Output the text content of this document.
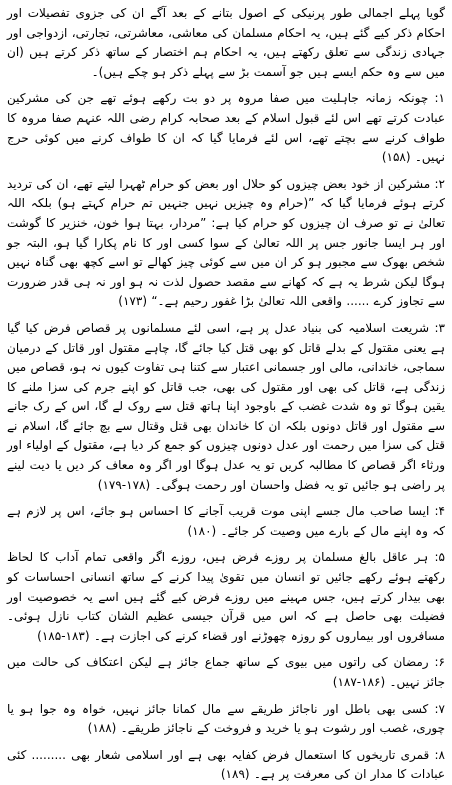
گویا پہلے اجمالی طور پرنیکی کے اصول بتانے کے بعد آگے ان کی جزوی تفصیلات اور احکام ذکر کیے گئے ہیں، یہ احکام مسلمان کی معاشی، معاشرتی، تجارتی، ازدواجی اور جہادی زندگی سے تعلق رکھتے ہیں، یہ احکام ہم اختصار کے ساتھ ذکر کرتے ہیں (ان میں سے وہ حکم ایسے ہیں جو آسمت بڑ سے پہلے ذکر ہو چکے ہیں)۔

۱: چونکہ زمانہ جاہلیت میں صفا مروہ پر دو بت رکھے ہوئے تھے جن کی مشرکین عبادت کرتے تھے اس لئے قبول اسلام کے بعد صحابہ کرام رضی اللہ عنہم صفا مروہ کا طواف کرنے سے بچتے تھے، اس لئے فرمایا گیا کہ ان کا طواف کرنے میں کوئی حرج نہیں۔ (۱۵۸)

۲: مشرکین از خود بعض چیزوں کو حلال اور بعض کو حرام ٹھہرا لیتے تھے، ان کی تردید کرتے ہوئے فرمایا گیا کہ ”(حرام وہ چیزیں نہیں جنہیں تم حرام کہتے ہو) بلکہ اللہ تعالیٰ نے تو صرف ان چیزوں کو حرام کیا ہے: ”مردار، بہتا ہوا خون، خنزیر کا گوشت اور ہر ایسا جانور جس پر اللہ تعالیٰ کے سوا کسی اور کا نام پکارا گیا ہو، البتہ جو شخص بھوک سے مجبور ہو کر ان میں سے کوئی چیز کھالے تو اسے کچھ بھی گناہ نہیں ہوگا لیکن شرط یہ ہے کہ کھانے سے مقصد حصول لذت نہ ہو اور نہ ہی قدر ضرورت سے تجاوز کرے ...... واقعی اللہ تعالیٰ بڑا غفور رحیم ہے۔“ (۱۷۳)

۳: شریعت اسلامیہ کی بنیاد عدل پر ہے، اسی لئے مسلمانوں پر قصاص فرض کیا گیا ہے یعنی مقتول کے بدلے قاتل کو بھی قتل کیا جائے گا، چاہے مقتول اور قاتل کے درمیان سماجی، خاندانی، مالی اور جسمانی اعتبار سے کتنا ہی تفاوت کیوں نہ ہو، قصاص میں زندگی ہے، قاتل کی بھی اور مقتول کی بھی، جب قاتل کو اپنے جرم کی سزا ملنے کا یقین ہوگا تو وہ شدت غضب کے باوجود اپنا ہاتھ قتل سے روک لے گا، اس کے رک جانے سے مقتول اور قاتل دونوں بلکہ ان کا خاندان بھی قتل وقتال سے بچ جائے گا، اسلام نے قتل کی سزا میں رحمت اور عدل دونوں چیزوں کو جمع کر دیا ہے، مقتول کے اولیاء اور ورثاء اگر قصاص کا مطالبہ کریں تو یہ عدل ہوگا اور اگر وہ معاف کر دیں یا دیت لینے پر راضی ہو جائیں تو یہ فضل واحسان اور رحمت ہوگی۔ (۱۷۸-۱۷۹)

۴: ایسا صاحب مال جسے اپنی موت قریب آجانے کا احساس ہو جائے، اس پر لازم ہے کہ وہ اپنے مال کے بارے میں وصیت کر جائے۔ (۱۸۰)

۵: ہر عاقل بالغ مسلمان پر روزے فرض ہیں، روزے اگر واقعی تمام آداب کا لحاظ رکھتے ہوئے رکھے جائیں تو انسان میں تقویٰ پیدا کرنے کے ساتھ انسانی احساسات کو بھی بیدار کرتے ہیں، جس مہینے میں روزے فرض کیے گئے ہیں اسے یہ خصوصیت اور فضیلت بھی حاصل ہے کہ اس میں قرآن جیسی عظیم الشان کتاب نازل ہوئی۔ مسافروں اور بیماروں کو روزہ چھوڑنے اور قضاء کرنے کی اجازت ہے۔ (۱۸۳-۱۸۵)

۶: رمضان کی راتوں میں بیوی کے ساتھ جماع جائز ہے لیکن اعتکاف کی حالت میں جائز نہیں۔ (۱۸۶-۱۸۷)

۷: کسی بھی باطل اور ناجائز طریقے سے مال کمانا جائز نہیں، خواہ وہ جوا ہو یا چوری، غصب اور رشوت ہو یا خرید و فروخت کے ناجائز طریقے۔ (۱۸۸)

۸: قمری تاریخوں کا استعمال فرض کفایہ بھی ہے اور اسلامی شعار بھی ......... کئی عبادات کا مدار ان کی معرفت پر ہے۔ (۱۸۹)
